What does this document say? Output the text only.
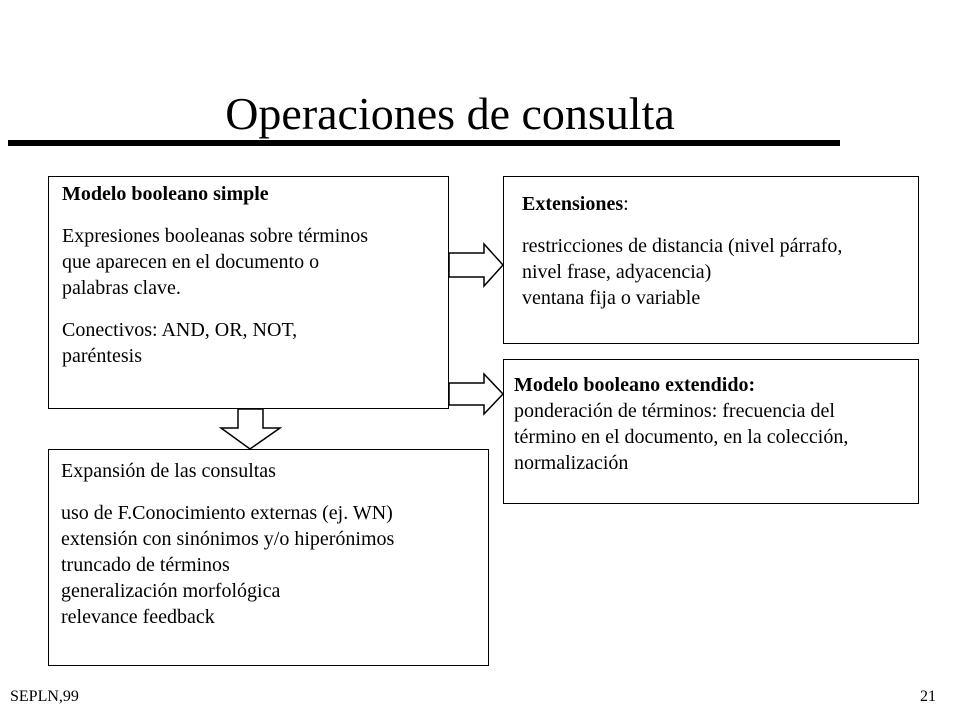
Operaciones de consulta
Modelo booleano simple
Expresiones booleanas sobre términos
que aparecen en el documento o
palabras clave.
Conectivos: AND, OR, NOT,
paréntesis
Extensiones:
restricciones de distancia (nivel párrafo,
nivel frase, adyacencia)
ventana fija o variable
Modelo booleano extendido:
ponderación de términos: frecuencia del
término en el documento, en la colección,
normalización
Expansión de las consultas
uso de F.Conocimiento externas (ej. WN)
extensión con sinónimos y/o hiperónimos
truncado de términos
generalización morfológica
relevance feedback
SEPLN,99	21
